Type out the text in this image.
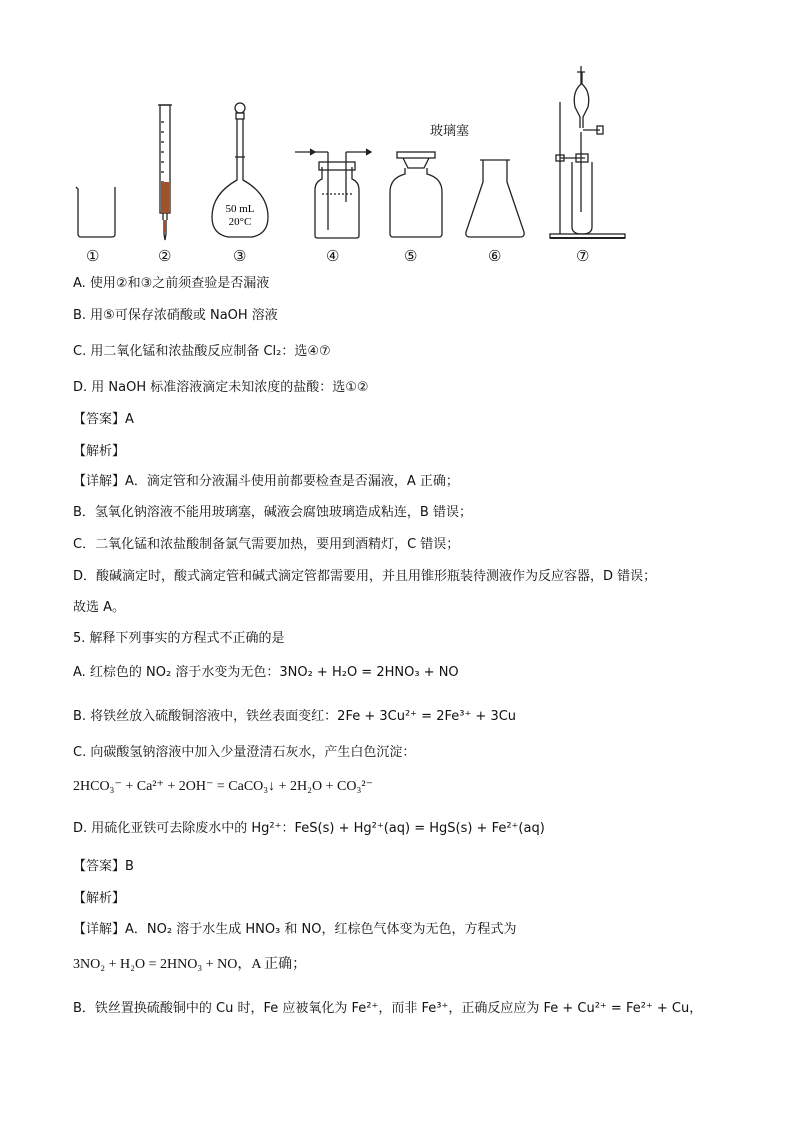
50 mL
20°C
玻璃塞
①	②	③	④	⑤	⑥	⑦
A. 使用②和③之前须查验是否漏液
B. 用⑤可保存浓硝酸或 NaOH 溶液
C. 用二氧化锰和浓盐酸反应制备 Cl₂：选④⑦
D. 用 NaOH 标准溶液滴定未知浓度的盐酸：选①②
【答案】A
【解析】
【详解】A．滴定管和分液漏斗使用前都要检查是否漏液，A 正确；
B．氢氧化钠溶液不能用玻璃塞，碱液会腐蚀玻璃造成粘连，B 错误；
C．二氧化锰和浓盐酸制备氯气需要加热，要用到酒精灯，C 错误；
D．酸碱滴定时，酸式滴定管和碱式滴定管都需要用，并且用锥形瓶装待测液作为反应容器，D 错误；
故选 A。
5. 解释下列事实的方程式不正确的是
A. 红棕色的 NO₂ 溶于水变为无色：3NO₂ + H₂O = 2HNO₃ + NO
B. 将铁丝放入硫酸铜溶液中，铁丝表面变红：2Fe + 3Cu²⁺ = 2Fe³⁺ + 3Cu
C. 向碳酸氢钠溶液中加入少量澄清石灰水，产生白色沉淀：
2HCO₃⁻ + Ca²⁺ + 2OH⁻ = CaCO₃↓ + 2H₂O + CO₃²⁻
D. 用硫化亚铁可去除废水中的 Hg²⁺：FeS(s) + Hg²⁺(aq) = HgS(s) + Fe²⁺(aq)
【答案】B
【解析】
【详解】A．NO₂ 溶于水生成 HNO₃ 和 NO，红棕色气体变为无色，方程式为
3NO₂ + H₂O = 2HNO₃ + NO，A 正确；
B．铁丝置换硫酸铜中的 Cu 时，Fe 应被氧化为 Fe²⁺，而非 Fe³⁺，正确反应应为 Fe + Cu²⁺ = Fe²⁺ + Cu，
